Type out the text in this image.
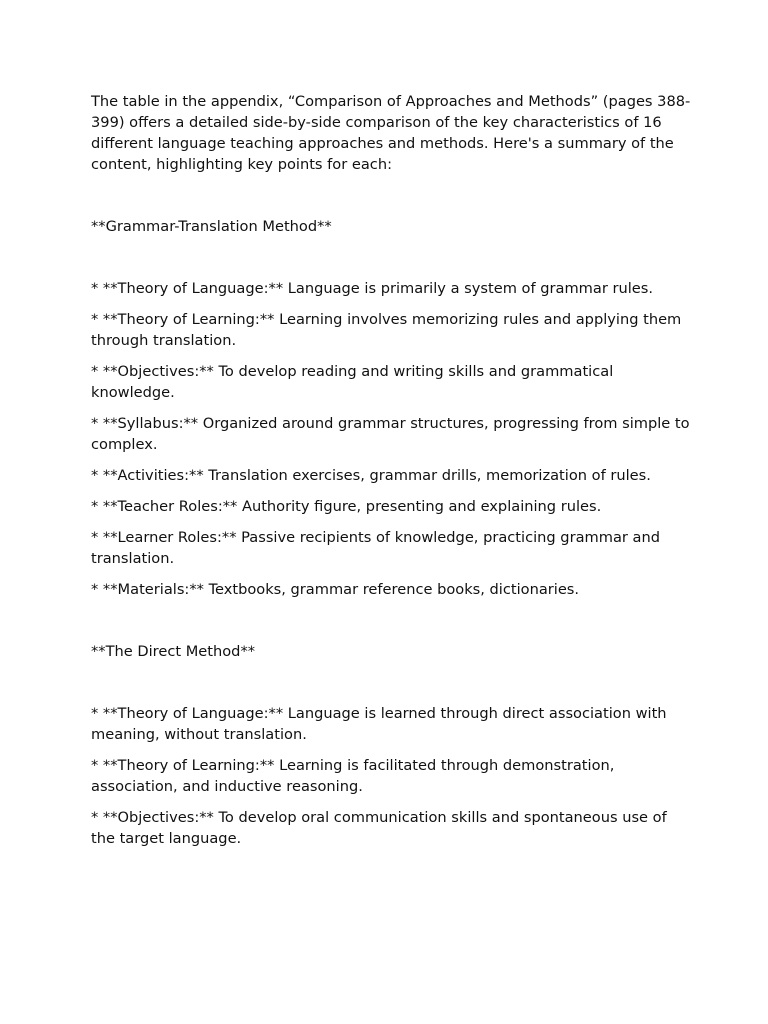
The table in the appendix, “Comparison of Approaches and Methods” (pages 388-399) offers a detailed side-by-side comparison of the key characteristics of 16 different language teaching approaches and methods. Here's a summary of the content, highlighting key points for each:

**Grammar-Translation Method**

* **Theory of Language:** Language is primarily a system of grammar rules.

* **Theory of Learning:** Learning involves memorizing rules and applying them through translation.

* **Objectives:** To develop reading and writing skills and grammatical knowledge.

* **Syllabus:** Organized around grammar structures, progressing from simple to complex.

* **Activities:** Translation exercises, grammar drills, memorization of rules.

* **Teacher Roles:** Authority figure, presenting and explaining rules.

* **Learner Roles:** Passive recipients of knowledge, practicing grammar and translation.

* **Materials:** Textbooks, grammar reference books, dictionaries.

**The Direct Method**

* **Theory of Language:** Language is learned through direct association with meaning, without translation.

* **Theory of Learning:** Learning is facilitated through demonstration, association, and inductive reasoning.

* **Objectives:** To develop oral communication skills and spontaneous use of the target language.
